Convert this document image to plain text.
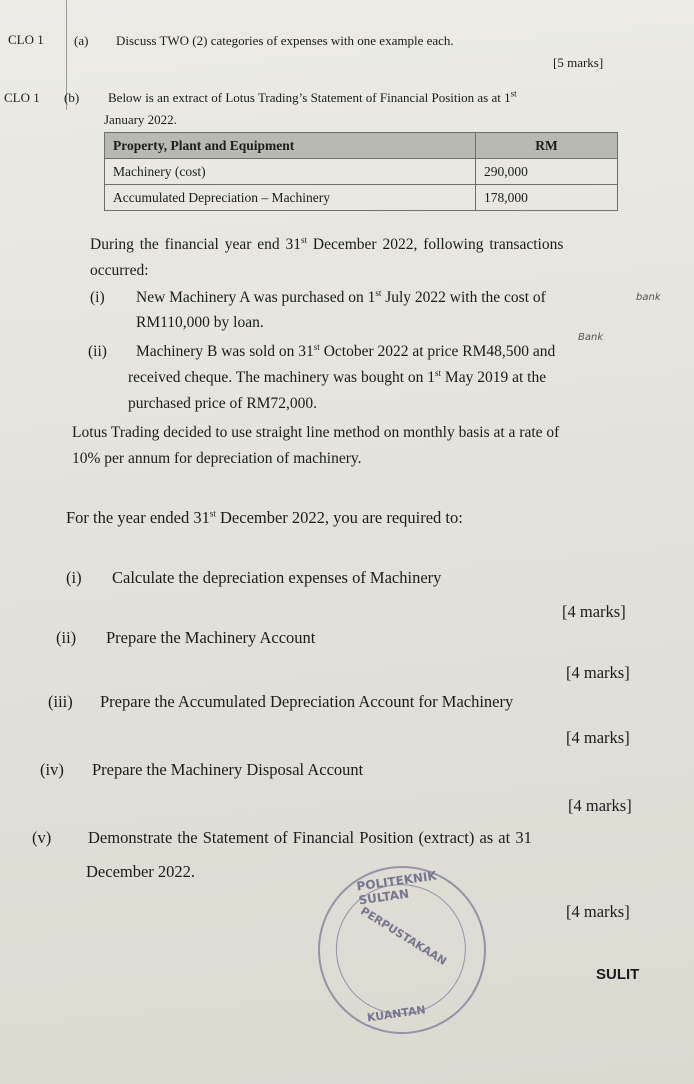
CLO 1 (a) Discuss TWO (2) categories of expenses with one example each.
[5 marks]
CLO 1 (b) Below is an extract of Lotus Trading’s Statement of Financial Position as at 1st
January 2022.
Property, Plant and Equipment	RM
Machinery (cost)	290,000
Accumulated Depreciation – Machinery	178,000
During the financial year end 31st December 2022, following transactions
occurred:
(i) New Machinery A was purchased on 1st July 2022 with the cost of	bank
RM110,000 by loan.
Bank
(ii) Machinery B was sold on 31st October 2022 at price RM48,500 and
received cheque. The machinery was bought on 1st May 2019 at the
purchased price of RM72,000.
Lotus Trading decided to use straight line method on monthly basis at a rate of
10% per annum for depreciation of machinery.
For the year ended 31st December 2022, you are required to:
(i) Calculate the depreciation expenses of Machinery
[4 marks]
(ii) Prepare the Machinery Account
[4 marks]
(iii) Prepare the Accumulated Depreciation Account for Machinery
[4 marks]
(iv) Prepare the Machinery Disposal Account
[4 marks]
(v) Demonstrate the Statement of Financial Position (extract) as at 31
December 2022.
[4 marks]
POLITEKNIK SULTAN
PERPUSTAKAAN
KUANTAN
SULIT
